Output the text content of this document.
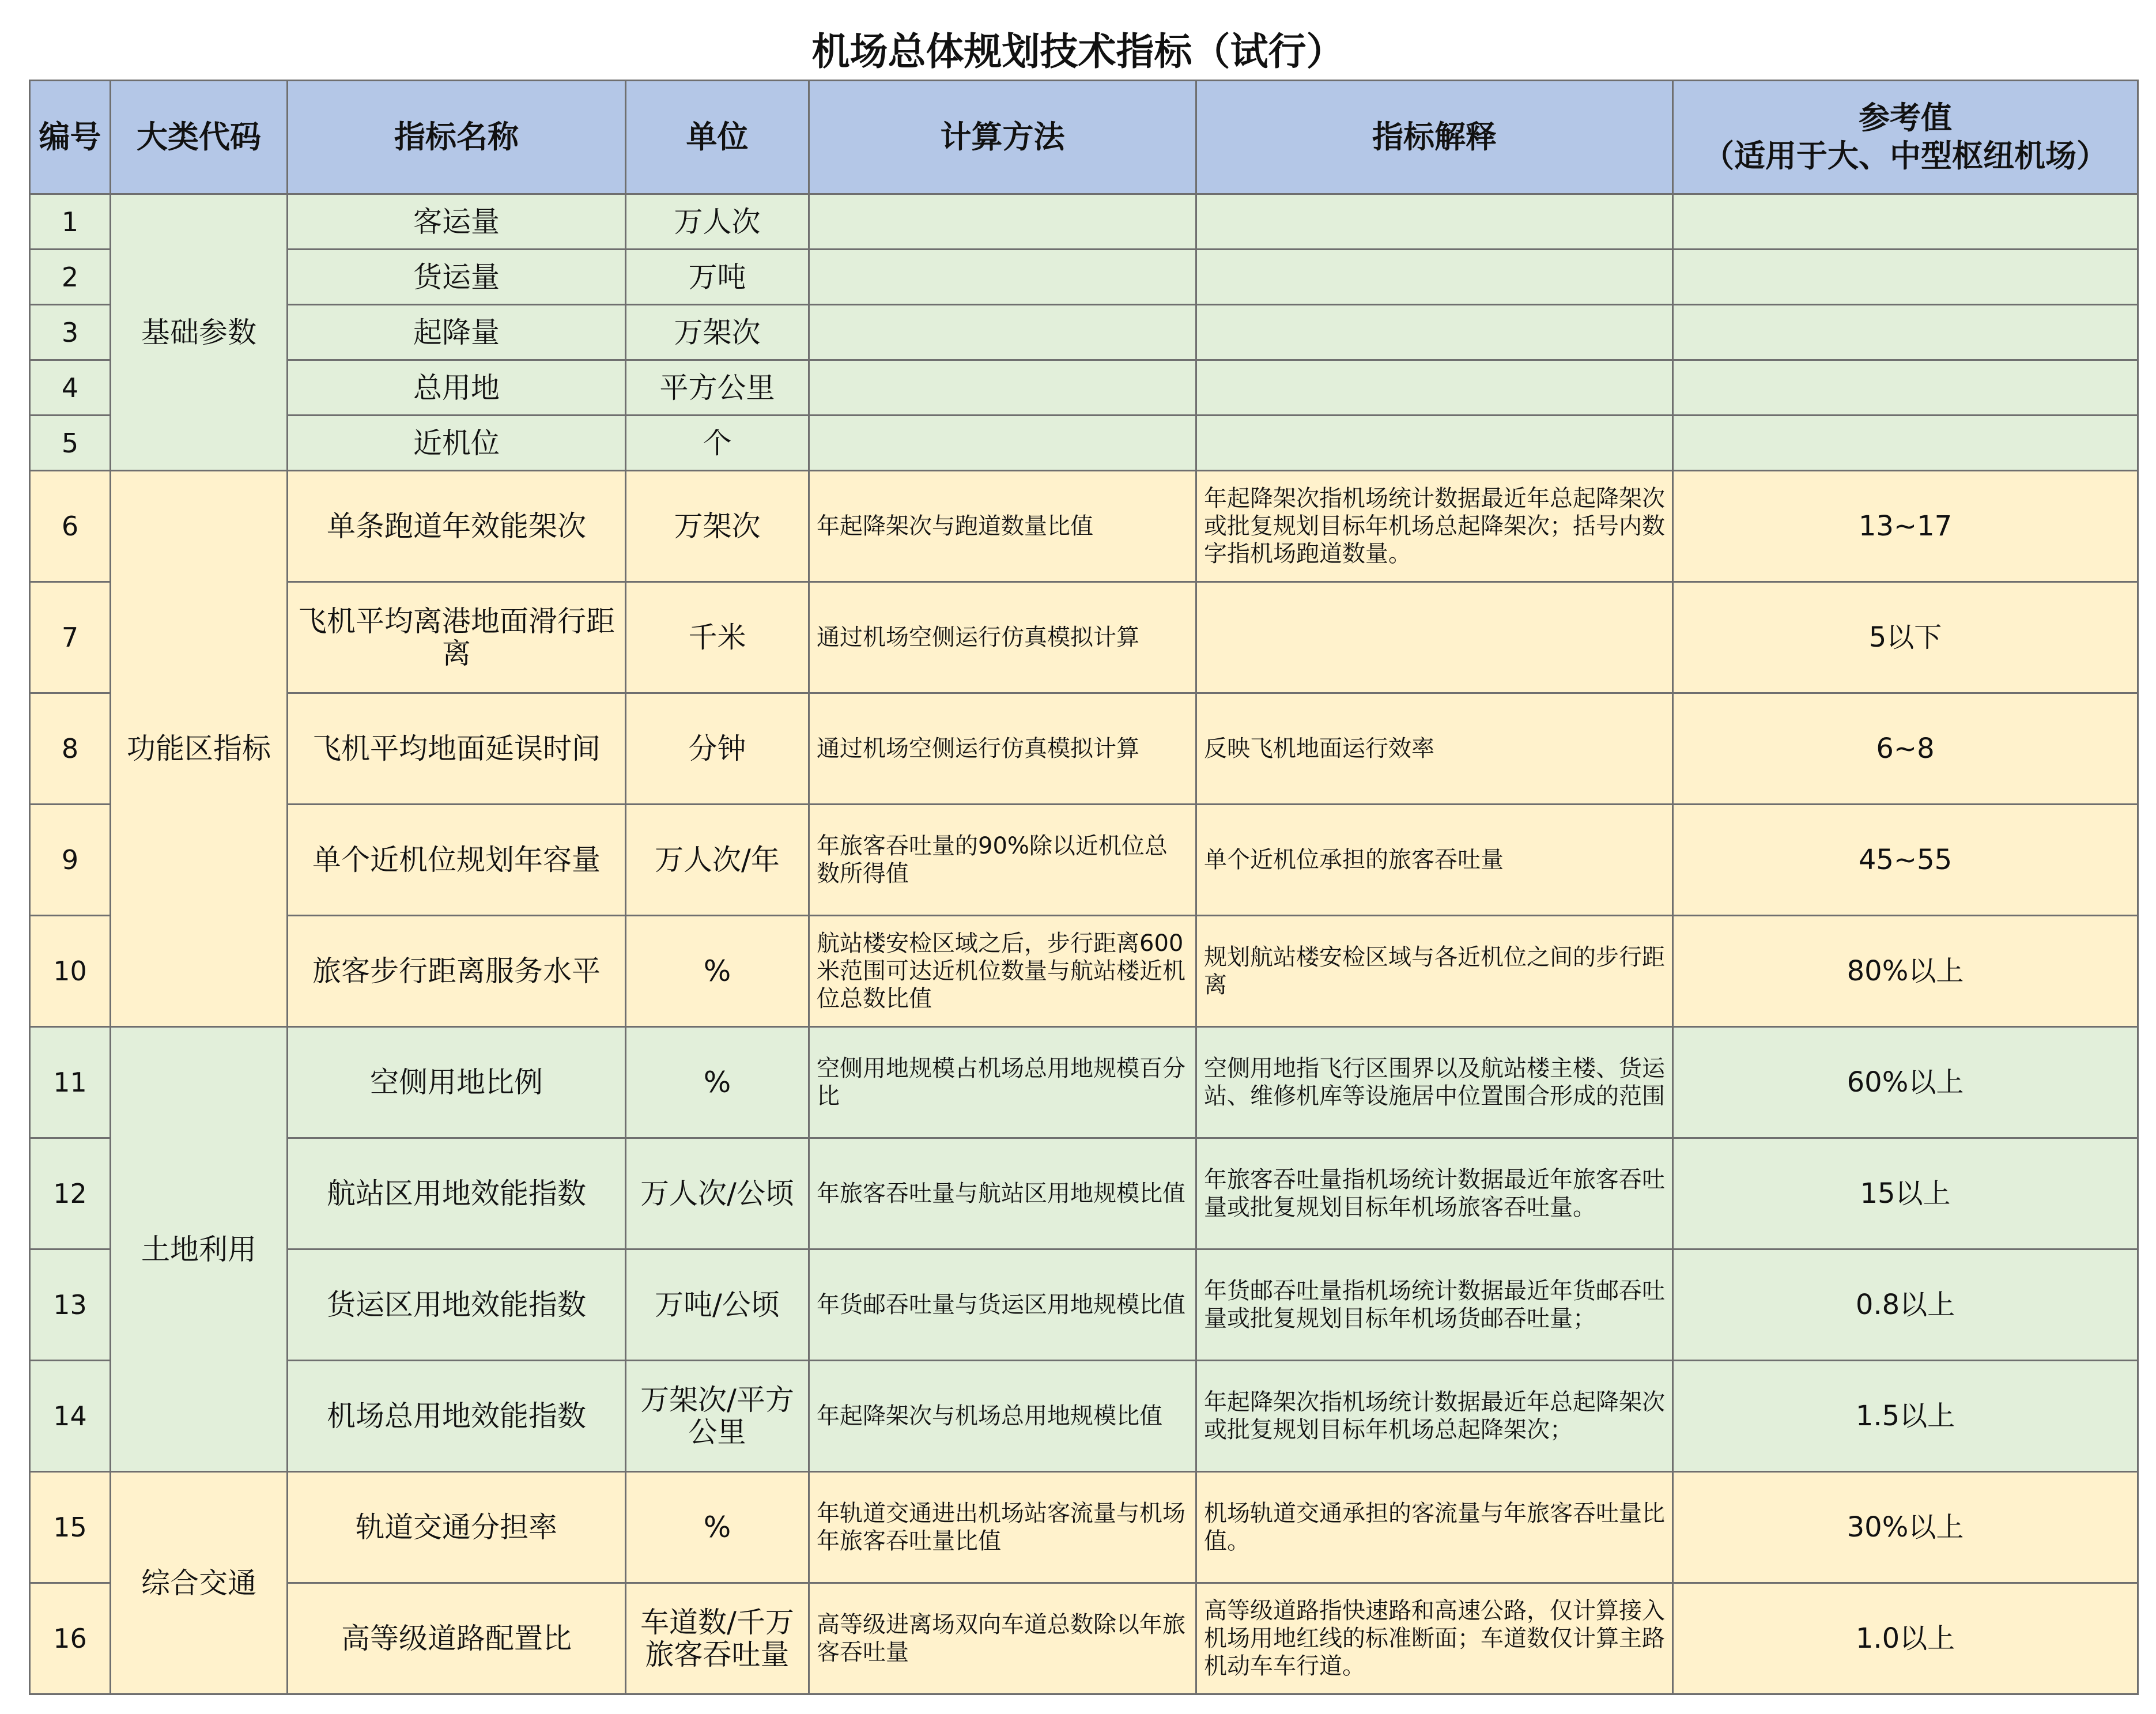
机场总体规划技术指标（试行）
编号	大类代码	指标名称	单位	计算方法	指标解释	参考值
（适用于大、中型枢纽机场）

1	基础参数	客运量	万人次			
2		货运量	万吨			
3		起降量	万架次			
4		总用地	平方公里			
5		近机位	个			
6	功能区指标	单条跑道年效能架次	万架次	年起降架次与跑道数量比值	年起降架次指机场统计数据最近年总起降架次或批复规划目标年机场总起降架次；括号内数字指机场跑道数量。	13~17
7		飞机平均离港地面滑行距离	千米	通过机场空侧运行仿真模拟计算		5以下
8		飞机平均地面延误时间	分钟	通过机场空侧运行仿真模拟计算	反映飞机地面运行效率	6~8
9		单个近机位规划年容量	万人次/年	年旅客吞吐量的90%除以近机位总数所得值	单个近机位承担的旅客吞吐量	45~55
10		旅客步行距离服务水平	%	航站楼安检区域之后，步行距离600米范围可达近机位数量与航站楼近机位总数比值	规划航站楼安检区域与各近机位之间的步行距离	80%以上
11	土地利用	空侧用地比例	%	空侧用地规模占机场总用地规模百分比	空侧用地指飞行区围界以及航站楼主楼、货运站、维修机库等设施居中位置围合形成的范围	60%以上
12		航站区用地效能指数	万人次/公顷	年旅客吞吐量与航站区用地规模比值	年旅客吞吐量指机场统计数据最近年旅客吞吐量或批复规划目标年机场旅客吞吐量。	15以上
13		货运区用地效能指数	万吨/公顷	年货邮吞吐量与货运区用地规模比值	年货邮吞吐量指机场统计数据最近年货邮吞吐量或批复规划目标年机场货邮吞吐量；	0.8以上
14		机场总用地效能指数	万架次/平方公里	年起降架次与机场总用地规模比值	年起降架次指机场统计数据最近年总起降架次或批复规划目标年机场总起降架次；	1.5以上
15	综合交通	轨道交通分担率	%	年轨道交通进出机场站客流量与机场年旅客吞吐量比值	机场轨道交通承担的客流量与年旅客吞吐量比值。	30%以上
16		高等级道路配置比	车道数/千万旅客吞吐量	高等级进离场双向车道总数除以年旅客吞吐量	高等级道路指快速路和高速公路，仅计算接入机场用地红线的标准断面；车道数仅计算主路机动车车行道。	1.0以上
